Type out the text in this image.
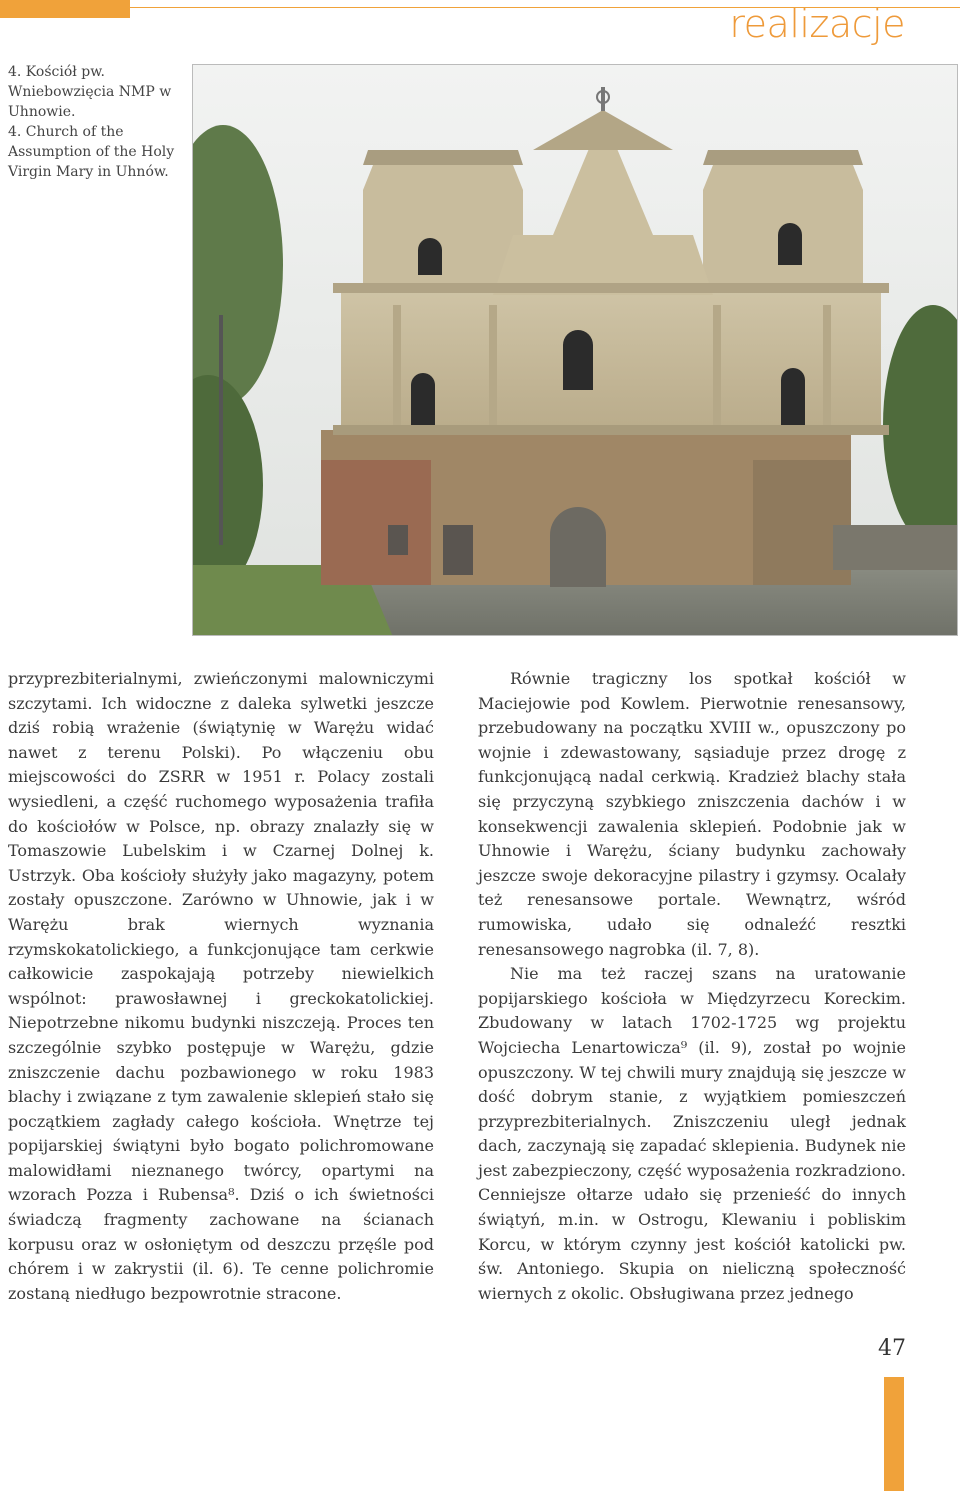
realizacje

4. Kościół pw. Wniebowzięcia NMP w Uhnowie.

4. Church of the Assumption of the Holy Virgin Mary in Uhnów.

przyprezbiterialnymi, zwieńczonymi malowniczymi szczytami. Ich widoczne z daleka sylwetki jeszcze dziś robią wrażenie (świątynię w Warężu widać nawet z terenu Polski). Po włączeniu obu miejscowości do ZSRR w 1951 r. Polacy zostali wysiedleni, a część ruchomego wyposażenia trafiła do kościołów w Polsce, np. obrazy znalazły się w Tomaszowie Lubelskim i w Czarnej Dolnej k. Ustrzyk. Oba kościoły służyły jako magazyny, potem zostały opuszczone. Zarówno w Uhnowie, jak i w Warężu brak wiernych wyznania rzymskokatolickiego, a funkcjonujące tam cerkwie całkowicie zaspokajają potrzeby niewielkich wspólnot: prawosławnej i greckokatolickiej. Niepotrzebne nikomu budynki niszczeją. Proces ten szczególnie szybko postępuje w Warężu, gdzie zniszczenie dachu pozbawionego w roku 1983 blachy i związane z tym zawalenie sklepień stało się początkiem zagłady całego kościoła. Wnętrze tej popijarskiej świątyni było bogato polichromowane malowidłami nieznanego twórcy, opartymi na wzorach Pozza i Rubensa⁸. Dziś o ich świetności świadczą fragmenty zachowane na ścianach korpusu oraz w osłoniętym od deszczu przęśle pod chórem i w zakrystii (il. 6). Te cenne polichromie zostaną niedługo bezpowrotnie stracone.

Równie tragiczny los spotkał kościół w Maciejowie pod Kowlem. Pierwotnie renesansowy, przebudowany na początku XVIII w., opuszczony po wojnie i zdewastowany, sąsiaduje przez drogę z funkcjonującą nadal cerkwią. Kradzież blachy stała się przyczyną szybkiego zniszczenia dachów i w konsekwencji zawalenia sklepień. Podobnie jak w Uhnowie i Warężu, ściany budynku zachowały jeszcze swoje dekoracyjne pilastry i gzymsy. Ocalały też renesansowe portale. Wewnątrz, wśród rumowiska, udało się odnaleźć resztki renesansowego nagrobka (il. 7, 8).

Nie ma też raczej szans na uratowanie popijarskiego kościoła w Międzyrzecu Koreckim. Zbudowany w latach 1702-1725 wg projektu Wojciecha Lenartowicza⁹ (il. 9), został po wojnie opuszczony. W tej chwili mury znajdują się jeszcze w dość dobrym stanie, z wyjątkiem pomieszczeń przyprezbiterialnych. Zniszczeniu uległ jednak dach, zaczynają się zapadać sklepienia. Budynek nie jest zabezpieczony, część wyposażenia rozkradziono. Cenniejsze ołtarze udało się przenieść do innych świątyń, m.in. w Ostrogu, Klewaniu i pobliskim Korcu, w którym czynny jest kościół katolicki pw. św. Antoniego. Skupia on nieliczną społeczność wiernych z okolic. Obsługiwana przez jednego

47
